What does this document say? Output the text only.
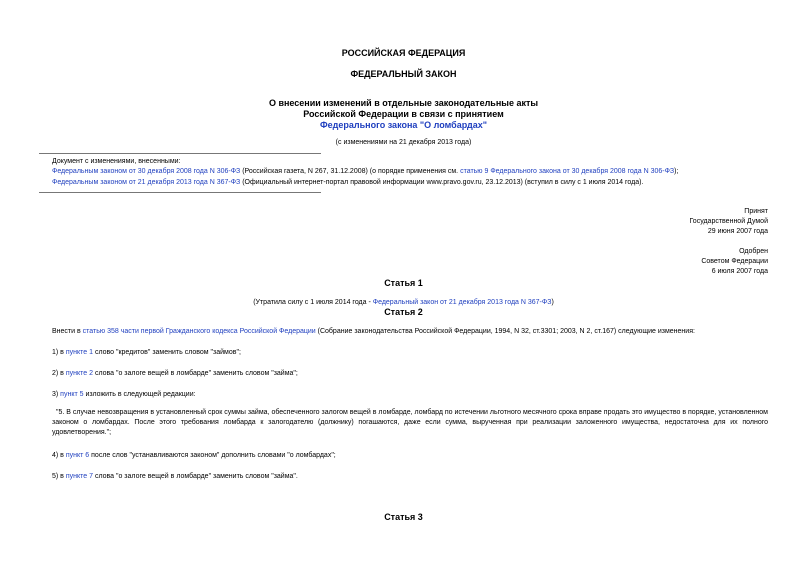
РОССИЙСКАЯ ФЕДЕРАЦИЯ
ФЕДЕРАЛЬНЫЙ ЗАКОН
О внесении изменений в отдельные законодательные акты
Российской Федерации в связи с принятием
Федерального закона "О ломбардах"
(с изменениями на 21 декабря 2013 года)
Документ с изменениями, внесенными:
Федеральным законом от 30 декабря 2008 года N 306-ФЗ (Российская газета, N 267, 31.12.2008) (о порядке применения см. статью 9 Федерального закона от 30 декабря 2008 года N 306-ФЗ);
Федеральным законом от 21 декабря 2013 года N 367-ФЗ (Официальный интернет-портал правовой информации www.pravo.gov.ru, 23.12.2013) (вступил в силу с 1 июля 2014 года).
Принят
Государственной Думой
29 июня 2007 года
Одобрен
Советом Федерации
6 июля 2007 года
Статья 1
(Утратила силу с 1 июля 2014 года - Федеральный закон от 21 декабря 2013 года N 367-ФЗ)
Статья 2
Внести в статью 358 части первой Гражданского кодекса Российской Федерации (Собрание законодательства Российской Федерации, 1994, N 32, ст.3301; 2003, N 2, ст.167) следующие изменения:
1) в пункте 1 слово "кредитов" заменить словом "займов";
2) в пункте 2 слова "о залоге вещей в ломбарде" заменить словом "займа";
3) пункт 5 изложить в следующей редакции:
"5. В случае невозвращения в установленный срок суммы займа, обеспеченного залогом вещей в ломбарде, ломбард по истечении льготного месячного срока вправе продать это имущество в порядке, установленном законом о ломбардах. После этого требования ломбарда к залогодателю (должнику) погашаются, даже если сумма, вырученная при реализации заложенного имущества, недостаточна для их полного удовлетворения.";
4) в пункт 6 после слов "устанавливаются законом" дополнить словами "о ломбардах";
5) в пункте 7 слова "о залоге вещей в ломбарде" заменить словом "займа".
Статья 3
